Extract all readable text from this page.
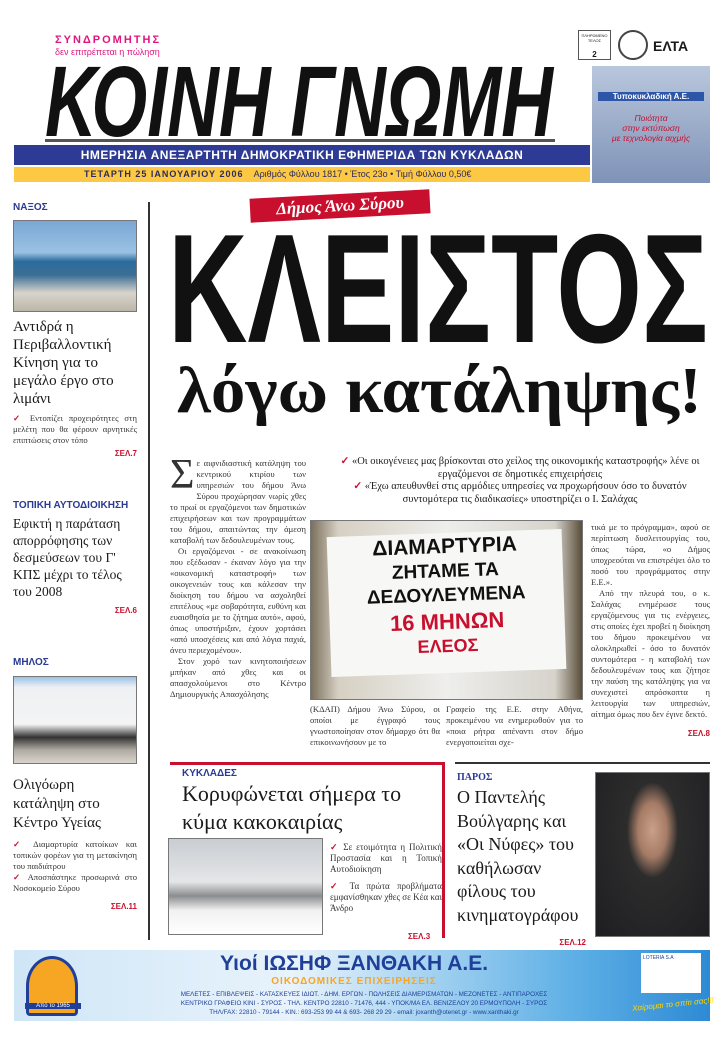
ΣΥΝΔΡΟΜΗΤΗΣ
δεν επιτρέπεται η πώληση
ΚΟΙΝΗ ΓΝΩΜΗ
ΗΜΕΡΗΣΙΑ ΑΝΕΞΑΡΤΗΤΗ ΔΗΜΟΚΡΑΤΙΚΗ ΕΦΗΜΕΡΙΔΑ ΤΩΝ ΚΥΚΛΑΔΩΝ
ΤΕΤΑΡΤΗ 25 ΙΑΝΟΥΑΡΙΟΥ 2006 Αριθμός Φύλλου 1817 • Έτος 23ο • Τιμή Φύλλου 0,50€
ΠΛΗΡΩΜΕΝΟ ΤΕΛΟΣ
2
ΕΛΤΑ
Τυποκυκλαδική Α.Ε.
Ποιότητα
στην εκτύπωση
με τεχνολογία αιχμής
ΝΑΞΟΣ
Αντιδρά η Περιβαλλοντική Κίνηση για το μεγάλο έργο στο λιμάνι
✓ Εντοπίζει προχειρότητες στη μελέτη που θα φέρουν αρνητικές επιπτώσεις στον τόπο
ΣΕΛ.7
ΤΟΠΙΚΗ ΑΥΤΟΔΙΟΙΚΗΣΗ
Εφικτή η παράταση απορρόφησης των δεσμεύσεων του Γ' ΚΠΣ μέχρι το τέλος του 2008
ΣΕΛ.6
ΜΗΛΟΣ
Ολιγόωρη κατάληψη στο Κέντρο Υγείας
✓ Διαμαρτυρία κατοίκων και τοπικών φορέων για τη μετακίνηση του παιδιάτρου
✓ Αποσπάστηκε προσωρινά στο Νοσοκομείο Σύρου
ΣΕΛ.11
Δήμος Άνω Σύρου
ΚΛΕΙΣΤΟΣ
λόγω κατάληψης!
✓ «Οι οικογένειες μας βρίσκονται στο χείλος της οικονομικής καταστροφής» λένε οι εργαζόμενοι σε δημοτικές επιχειρήσεις
✓ «Έχω απευθυνθεί στις αρμόδιες υπηρεσίες να προχωρήσουν όσο το δυνατόν συντομότερα τις διαδικασίες» υποστηρίζει ο Ι. Σαλάχας
Σε αιφνιδιαστική κατάληψη του κεντρικού κτιρίου των υπηρεσιών του δήμου Άνω Σύρου προχώρησαν νωρίς χθες το πρωί οι εργαζόμενοι των δημοτικών επιχειρήσεων και των προγραμμάτων του δήμου, απαιτώντας την άμεση καταβολή των δεδουλευμένων τους.

Οι εργαζόμενοι - σε ανακοίνωση που εξέδωσαν - έκαναν λόγο για την «οικονομική καταστροφή» των οικογενειών τους και κάλεσαν την διοίκηση του δήμου να ασχοληθεί επιτέλους «με σοβαρότητα, ευθύνη και ευαισθησία με το ζήτημα αυτό», αφού, όπως υποστήριξαν, έχουν χορτάσει «από υποσχέσεις και από λόγια παχιά, άνευ περιεχομένου».

Στον χορό των κινητοποιήσεων μπήκαν από χθες και οι απασχολούμενοι στο Κέντρο Δημιουργικής Απασχόλησης

ΔΙΑΜΑΡΤΥΡΙΑ
ΖΗΤΑΜΕ ΤΑ
ΔΕΔΟΥΛΕΥΜΕΝΑ
16 ΜΗΝΩΝ
ΕΛΕΟΣ
(ΚΔΑΠ) Δήμου Άνω Σύρου, οι οποίοι με έγγραφό τους γνωστοποίησαν στον δήμαρχο ότι θα επικοινωνήσουν με το
Γραφείο της Ε.Ε. στην Αθήνα, προκειμένου να ενημερωθούν για το «ποια ρήτρα απέναντι στον δήμο ενεργοποιείται σχε-
τικά με το πρόγραμμα», αφού σε περίπτωση δυσλειτουργίας του, όπως τώρα, «ο Δήμος υποχρεούται να επιστρέψει όλο το ποσό του προγράμματος στην Ε.Ε.».

Από την πλευρά του, ο κ. Σαλάχας ενημέρωσε τους εργαζόμενους για τις ενέργειες, στις οποίες έχει προβεί η διοίκηση του δήμου προκειμένου να ολοκληρωθεί - όσο το δυνατόν συντομότερα - η καταβολή των δεδουλευμένων τους και ζήτησε την παύση της κατάληψης για να συνεχιστεί απρόσκοπτα η λειτουργία των υπηρεσιών, αίτημα όμως που δεν έγινε δεκτό.

ΣΕΛ.8
ΚΥΚΛΑΔΕΣ
Κορυφώνεται σήμερα το κύμα κακοκαιρίας
✓ Σε ετοιμότητα η Πολιτική Προστασία και η Τοπική Αυτοδιοίκηση
✓ Τα πρώτα προβλήματα εμφανίσθηκαν χθες σε Κέα και Άνδρο
ΣΕΛ.3
ΠΑΡΟΣ
Ο Παντελής Βούλγαρης και «Οι Νύφες» του καθήλωσαν φίλους του κινηματογράφου
ΣΕΛ.12
Από το 1965
Υιοί ΙΩΣΗΦ ΞΑΝΘΑΚΗ Α.Ε.
ΟΙΚΟΔΟΜΙΚΕΣ ΕΠΙΧΕΙΡΗΣΕΙΣ
ΜΕΛΕΤΕΣ - ΕΠΙΒΛΕΨΕΙΣ - ΚΑΤΑΣΚΕΥΕΣ ΙΔΙΩΤ. - ΔΗΜ. ΕΡΓΩΝ - ΠΩΛΗΣΕΙΣ ΔΙΑΜΕΡΙΣΜΑΤΩΝ - ΜΕΖΟΝΕΤΕΣ - ΑΝΤΙΠΑΡΟΧΕΣ
ΚΕΝΤΡΙΚΟ ΓΡΑΦΕΙΟ ΚΙΝΙ - ΣΥΡΟΣ - ΤΗΛ. ΚΕΝΤΡΟ 22810 - 71476, 444 - ΥΠΟΚ/ΜΑ ΕΛ. ΒΕΝΙΖΕΛΟΥ 20 ΕΡΜΟΥΠΟΛΗ - ΣΥΡΟΣ
ΤΗΛ/FAX: 22810 - 79144 - ΚΙΝ.: 693-253 99 44 & 693- 268 29 29 - email: joxanth@otenet.gr - www.xanthaki.gr
LOTERIA S.A
Χαίρομαι το σπίτι σας!!!
